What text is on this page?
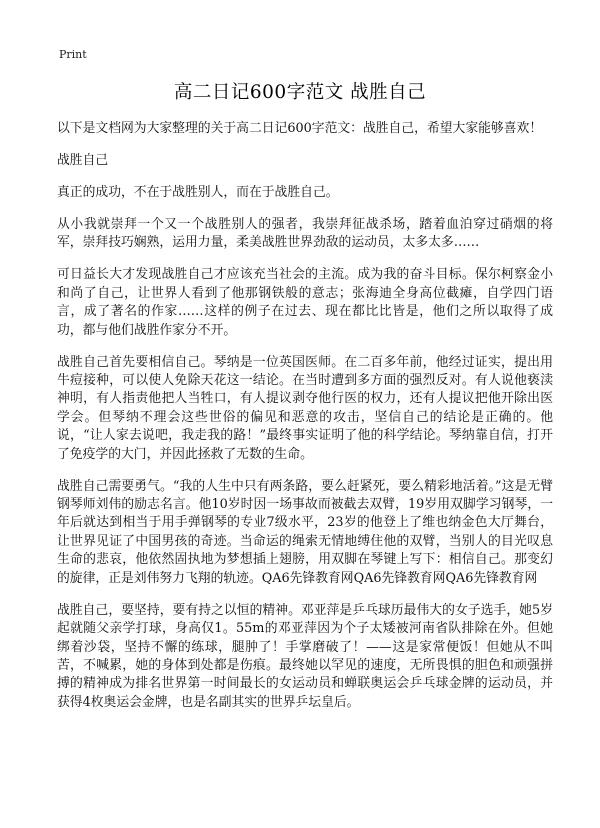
Print
高二日记600字范文 战胜自己

以下是文档网为大家整理的关于高二日记600字范文：战胜自己，希望大家能够喜欢！

战胜自己

真正的成功，不在于战胜别人，而在于战胜自己。

从小我就崇拜一个又一个战胜别人的强者，我崇拜征战杀场，踏着血泊穿过硝烟的将军，崇拜技巧娴熟，运用力量，柔美战胜世界劲敌的运动员，太多太多……

可日益长大才发现战胜自己才应该充当社会的主流。成为我的奋斗目标。保尔柯察金小和尚了自己，让世界人看到了他那钢铁般的意志；张海迪全身高位截瘫，自学四门语言，成了著名的作家……这样的例子在过去、现在都比比皆是，他们之所以取得了成功，都与他们战胜作家分不开。

战胜自己首先要相信自己。琴纳是一位英国医师。在二百多年前，他经过证实，提出用牛痘接种，可以使人免除天花这一结论。在当时遭到多方面的强烈反对。有人说他亵渎神明，有人指责他把人当牲口，有人提议剥夺他行医的权力，还有人提议把他开除出医学会。但琴纳不理会这些世俗的偏见和恶意的攻击，坚信自己的结论是正确的。他说，“让人家去说吧，我走我的路！”最终事实证明了他的科学结论。琴纳靠自信，打开了免疫学的大门，并因此拯救了无数的生命。

战胜自己需要勇气。“我的人生中只有两条路，要么赶紧死，要么精彩地活着。”这是无臂钢琴师刘伟的励志名言。他10岁时因一场事故而被截去双臂，19岁用双脚学习钢琴，一年后就达到相当于用手弹钢琴的专业7级水平，23岁的他登上了维也纳金色大厅舞台，让世界见证了中国男孩的奇迹。当命运的绳索无情地缚住他的双臂，当别人的目光叹息生命的悲哀，他依然固执地为梦想插上翅膀，用双脚在琴键上写下：相信自己。那变幻的旋律，正是刘伟努力飞翔的轨迹。QA6先锋教育网QA6先锋教育网QA6先锋教育网

战胜自己，要坚持，要有持之以恒的精神。邓亚萍是乒乓球历最伟大的女子选手，她5岁起就随父亲学打球，身高仅1。55m的邓亚萍因为个子太矮被河南省队排除在外。但她绑着沙袋，坚持不懈的练球，腿肿了！手掌磨破了！——这是家常便饭！但她从不叫苦，不喊累，她的身体到处都是伤痕。最终她以罕见的速度，无所畏惧的胆色和顽强拼搏的精神成为排名世界第一时间最长的女运动员和蝉联奥运会乒乓球金牌的运动员，并获得4枚奥运会金牌，也是名副其实的世界乒坛皇后。
